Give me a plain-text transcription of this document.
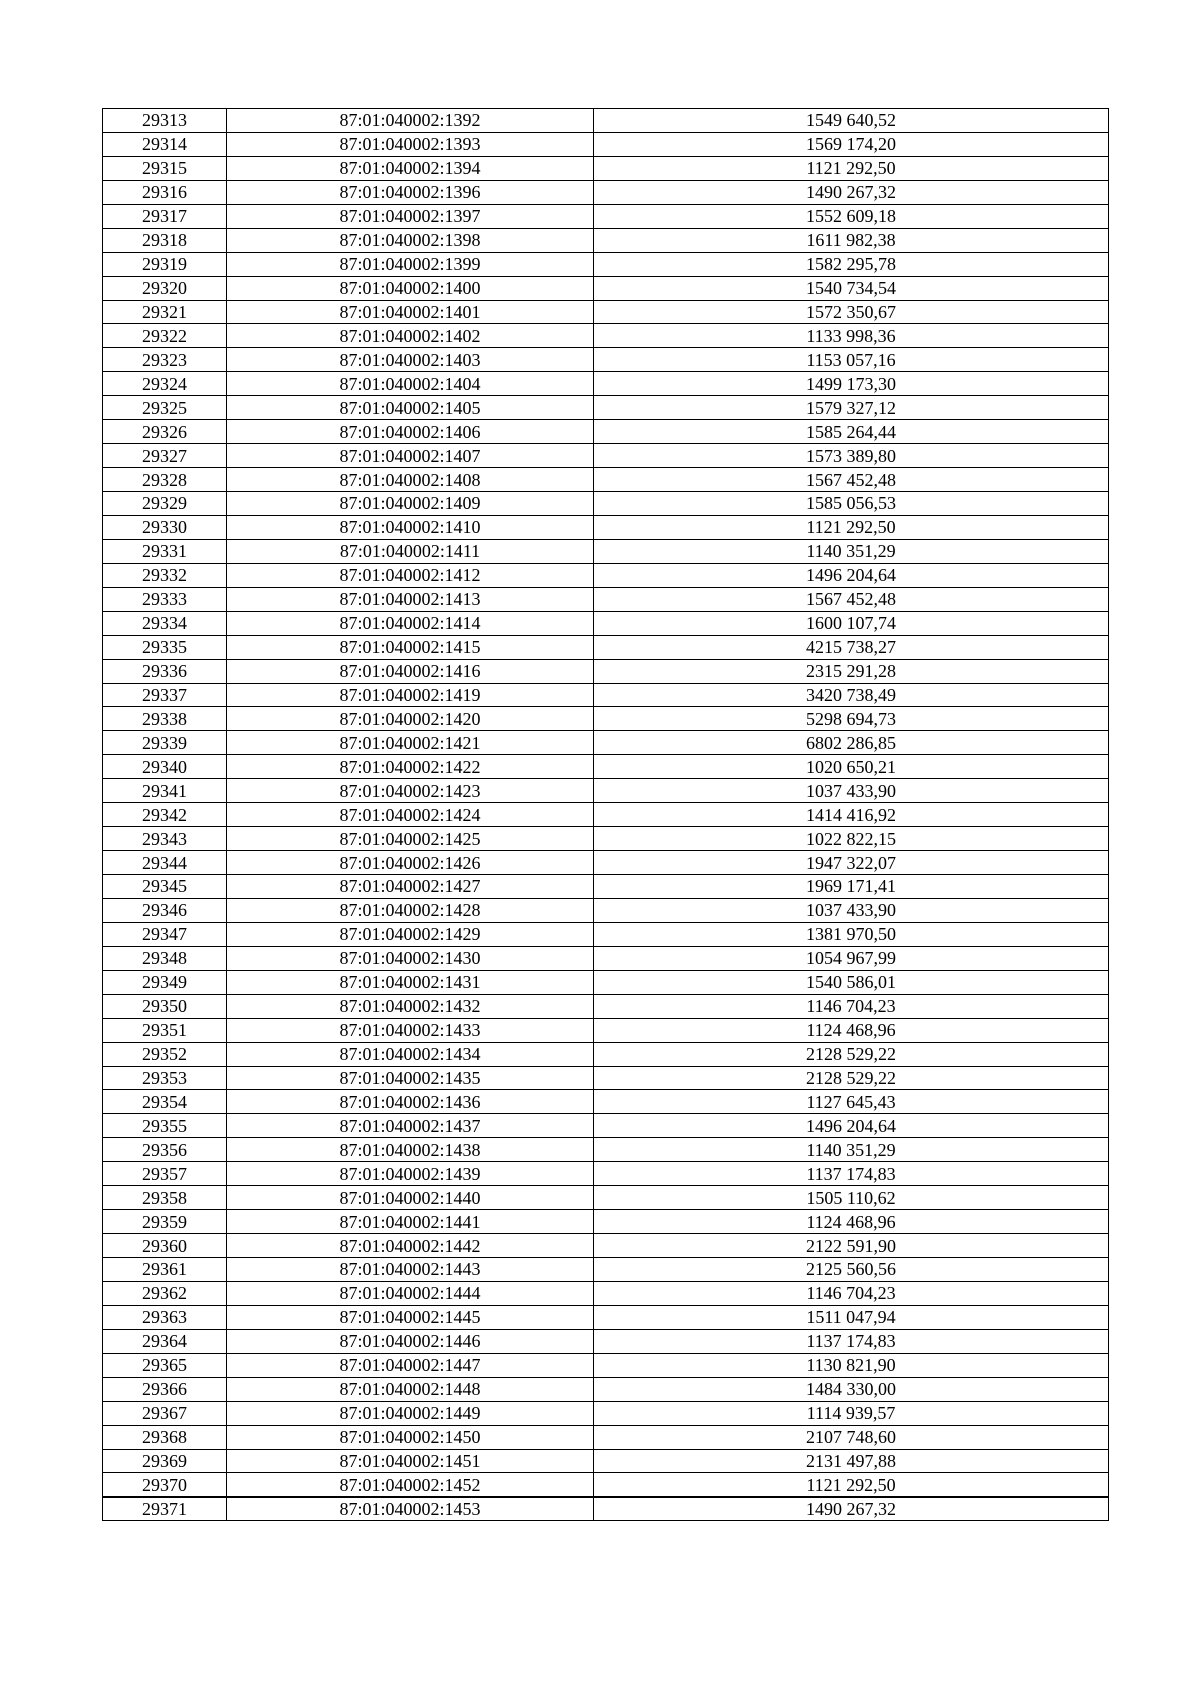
29313	87:01:040002:1392	1549 640,52
29314	87:01:040002:1393	1569 174,20
29315	87:01:040002:1394	1121 292,50
29316	87:01:040002:1396	1490 267,32
29317	87:01:040002:1397	1552 609,18
29318	87:01:040002:1398	1611 982,38
29319	87:01:040002:1399	1582 295,78
29320	87:01:040002:1400	1540 734,54
29321	87:01:040002:1401	1572 350,67
29322	87:01:040002:1402	1133 998,36
29323	87:01:040002:1403	1153 057,16
29324	87:01:040002:1404	1499 173,30
29325	87:01:040002:1405	1579 327,12
29326	87:01:040002:1406	1585 264,44
29327	87:01:040002:1407	1573 389,80
29328	87:01:040002:1408	1567 452,48
29329	87:01:040002:1409	1585 056,53
29330	87:01:040002:1410	1121 292,50
29331	87:01:040002:1411	1140 351,29
29332	87:01:040002:1412	1496 204,64
29333	87:01:040002:1413	1567 452,48
29334	87:01:040002:1414	1600 107,74
29335	87:01:040002:1415	4215 738,27
29336	87:01:040002:1416	2315 291,28
29337	87:01:040002:1419	3420 738,49
29338	87:01:040002:1420	5298 694,73
29339	87:01:040002:1421	6802 286,85
29340	87:01:040002:1422	1020 650,21
29341	87:01:040002:1423	1037 433,90
29342	87:01:040002:1424	1414 416,92
29343	87:01:040002:1425	1022 822,15
29344	87:01:040002:1426	1947 322,07
29345	87:01:040002:1427	1969 171,41
29346	87:01:040002:1428	1037 433,90
29347	87:01:040002:1429	1381 970,50
29348	87:01:040002:1430	1054 967,99
29349	87:01:040002:1431	1540 586,01
29350	87:01:040002:1432	1146 704,23
29351	87:01:040002:1433	1124 468,96
29352	87:01:040002:1434	2128 529,22
29353	87:01:040002:1435	2128 529,22
29354	87:01:040002:1436	1127 645,43
29355	87:01:040002:1437	1496 204,64
29356	87:01:040002:1438	1140 351,29
29357	87:01:040002:1439	1137 174,83
29358	87:01:040002:1440	1505 110,62
29359	87:01:040002:1441	1124 468,96
29360	87:01:040002:1442	2122 591,90
29361	87:01:040002:1443	2125 560,56
29362	87:01:040002:1444	1146 704,23
29363	87:01:040002:1445	1511 047,94
29364	87:01:040002:1446	1137 174,83
29365	87:01:040002:1447	1130 821,90
29366	87:01:040002:1448	1484 330,00
29367	87:01:040002:1449	1114 939,57
29368	87:01:040002:1450	2107 748,60
29369	87:01:040002:1451	2131 497,88
29370	87:01:040002:1452	1121 292,50
29371	87:01:040002:1453	1490 267,32
